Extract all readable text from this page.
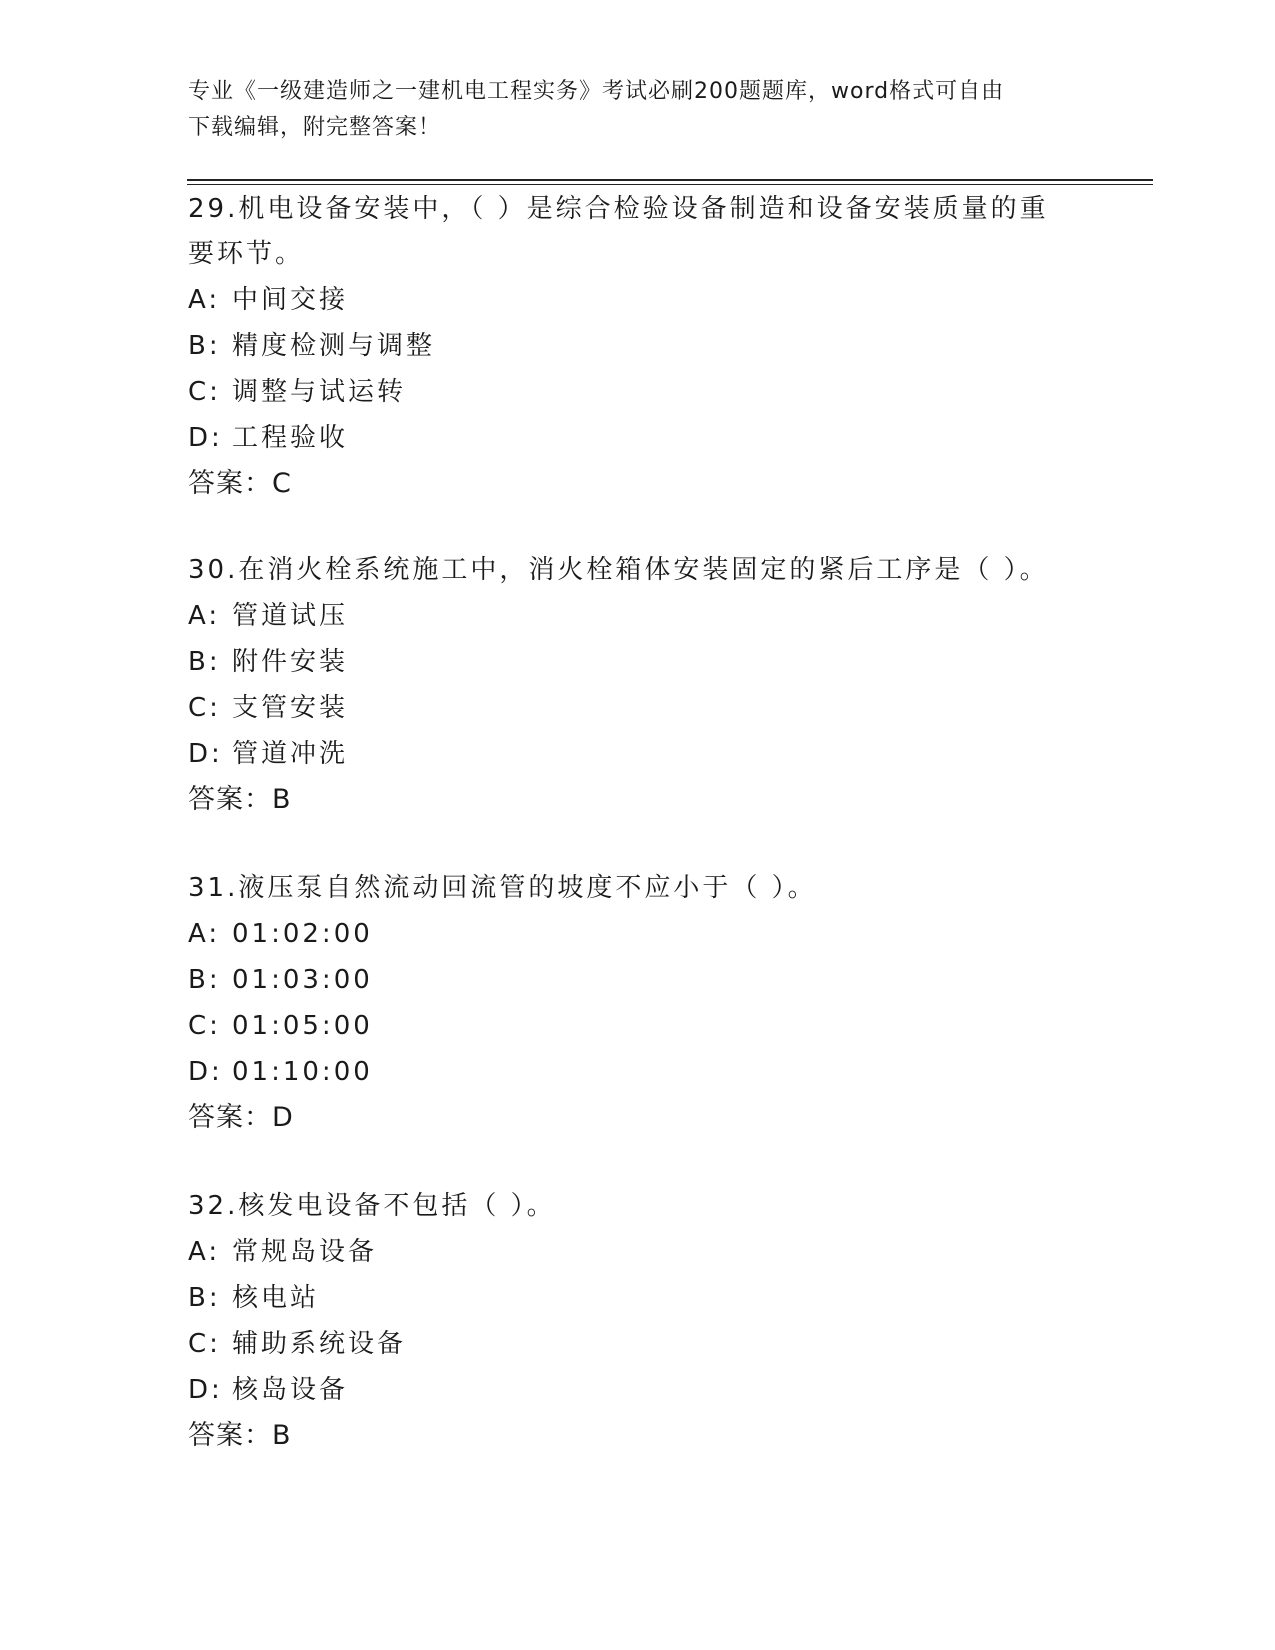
专业《一级建造师之一建机电工程实务》考试必刷200题题库，word格式可自由
下载编辑，附完整答案！
29.机电设备安装中，（ ）是综合检验设备制造和设备安装质量的重
要环节。
A: 中间交接
B: 精度检测与调整
C: 调整与试运转
D: 工程验收
答案：C
30.在消火栓系统施工中，消火栓箱体安装固定的紧后工序是（ ）。
A: 管道试压
B: 附件安装
C: 支管安装
D: 管道冲洗
答案：B
31.液压泵自然流动回流管的坡度不应小于（ ）。
A: 01:02:00
B: 01:03:00
C: 01:05:00
D: 01:10:00
答案：D
32.核发电设备不包括（ ）。
A: 常规岛设备
B: 核电站
C: 辅助系统设备
D: 核岛设备
答案：B
